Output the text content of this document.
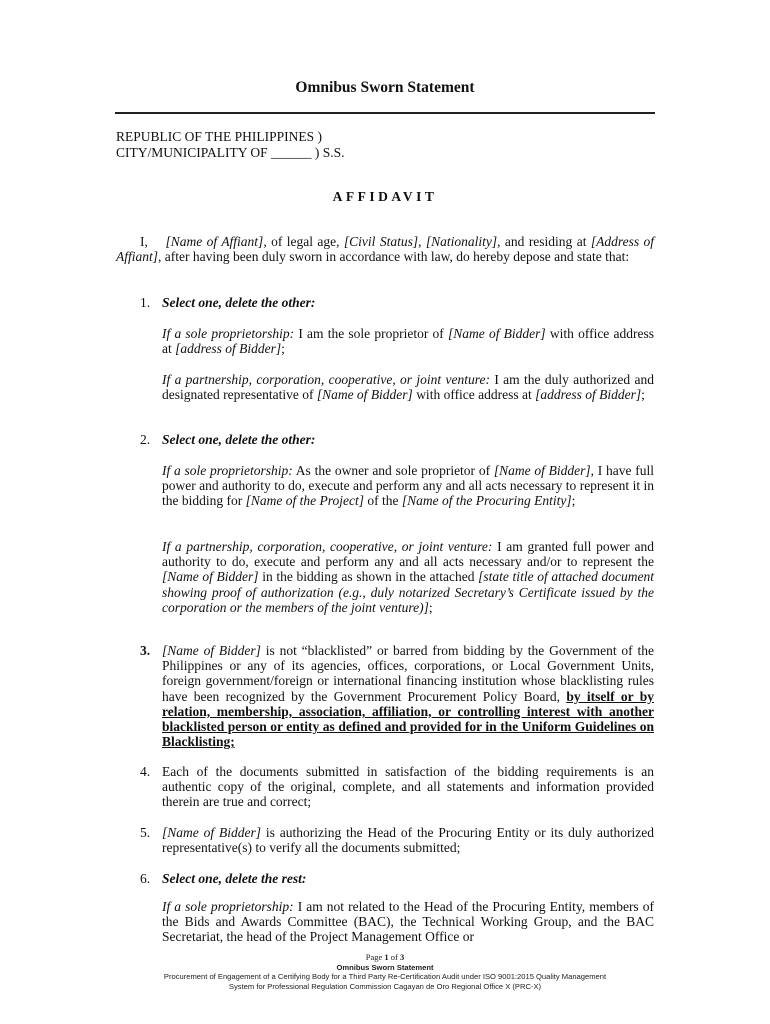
Omnibus Sworn Statement
REPUBLIC OF THE PHILIPPINES )
CITY/MUNICIPALITY OF ______ ) S.S.
AFFIDAVIT
I, [Name of Affiant], of legal age, [Civil Status], [Nationality], and residing at [Address of Affiant], after having been duly sworn in accordance with law, do hereby depose and state that:
1. Select one, delete the other:
If a sole proprietorship: I am the sole proprietor of [Name of Bidder] with office address at [address of Bidder];
If a partnership, corporation, cooperative, or joint venture: I am the duly authorized and designated representative of [Name of Bidder] with office address at [address of Bidder];
2. Select one, delete the other:
If a sole proprietorship: As the owner and sole proprietor of [Name of Bidder], I have full power and authority to do, execute and perform any and all acts necessary to represent it in the bidding for [Name of the Project] of the [Name of the Procuring Entity];
If a partnership, corporation, cooperative, or joint venture: I am granted full power and authority to do, execute and perform any and all acts necessary and/or to represent the [Name of Bidder] in the bidding as shown in the attached [state title of attached document showing proof of authorization (e.g., duly notarized Secretary’s Certificate issued by the corporation or the members of the joint venture)];
3. [Name of Bidder] is not “blacklisted” or barred from bidding by the Government of the Philippines or any of its agencies, offices, corporations, or Local Government Units, foreign government/foreign or international financing institution whose blacklisting rules have been recognized by the Government Procurement Policy Board, by itself or by relation, membership, association, affiliation, or controlling interest with another blacklisted person or entity as defined and provided for in the Uniform Guidelines on Blacklisting;
4. Each of the documents submitted in satisfaction of the bidding requirements is an authentic copy of the original, complete, and all statements and information provided therein are true and correct;
5. [Name of Bidder] is authorizing the Head of the Procuring Entity or its duly authorized representative(s) to verify all the documents submitted;
6. Select one, delete the rest:
If a sole proprietorship: I am not related to the Head of the Procuring Entity, members of the Bids and Awards Committee (BAC), the Technical Working Group, and the BAC Secretariat, the head of the Project Management Office or
Page 1 of 3
Omnibus Sworn Statement
Procurement of Engagement of a Certifying Body for a Third Party Re-Certification Audit under ISO 9001:2015 Quality Management
System for Professional Regulation Commission Cagayan de Oro Regional Office X (PRC-X)
